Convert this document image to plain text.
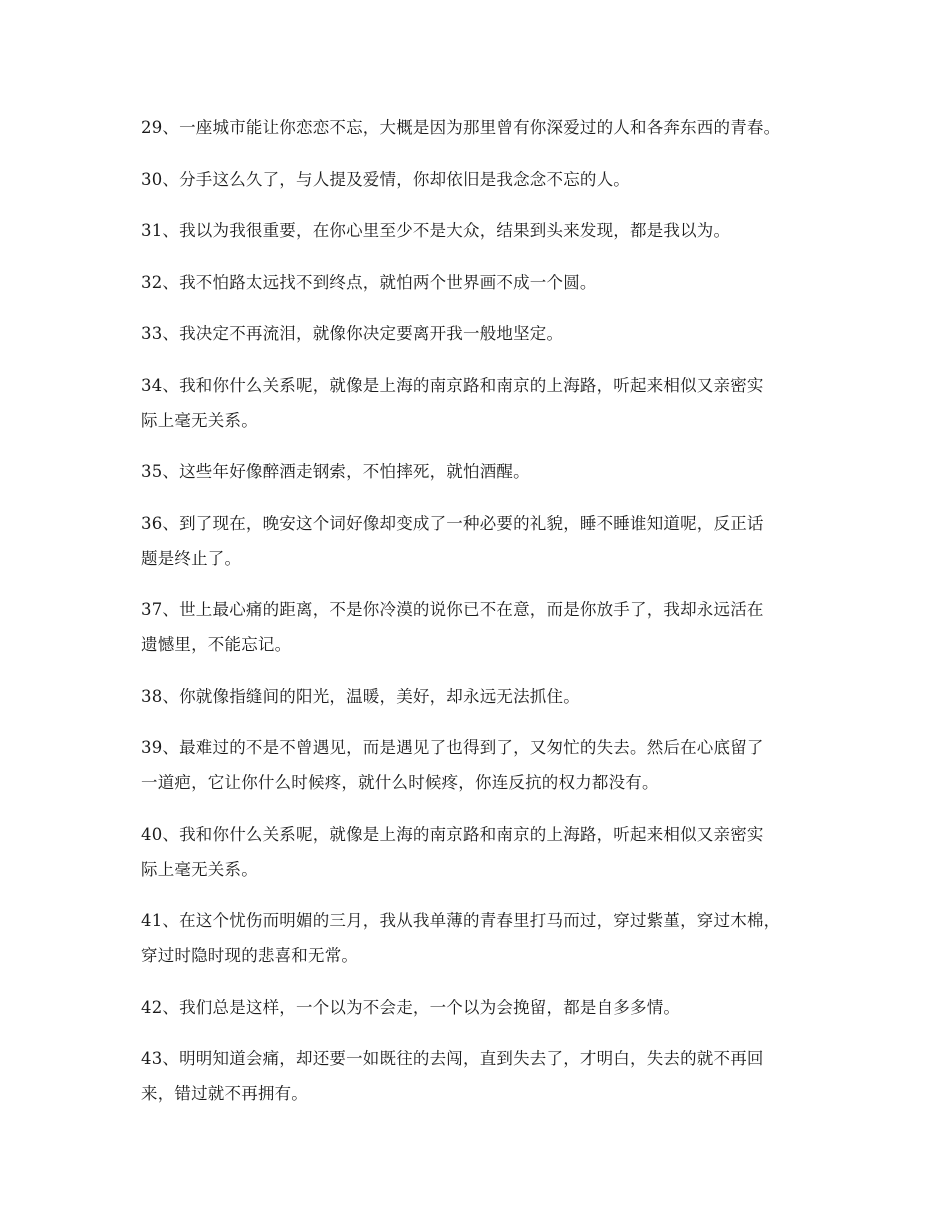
29、一座城市能让你恋恋不忘，大概是因为那里曾有你深爱过的人和各奔东西的青春。

30、分手这么久了，与人提及爱情，你却依旧是我念念不忘的人。

31、我以为我很重要，在你心里至少不是大众，结果到头来发现，都是我以为。

32、我不怕路太远找不到终点，就怕两个世界画不成一个圆。

33、我决定不再流泪，就像你决定要离开我一般地坚定。

34、我和你什么关系呢，就像是上海的南京路和南京的上海路，听起来相似又亲密实
际上毫无关系。

35、这些年好像醉酒走钢索，不怕摔死，就怕酒醒。

36、到了现在，晚安这个词好像却变成了一种必要的礼貌，睡不睡谁知道呢，反正话
题是终止了。

37、世上最心痛的距离，不是你冷漠的说你已不在意，而是你放手了，我却永远活在
遗憾里，不能忘记。

38、你就像指缝间的阳光，温暖，美好，却永远无法抓住。

39、最难过的不是不曾遇见，而是遇见了也得到了，又匆忙的失去。然后在心底留了
一道疤，它让你什么时候疼，就什么时候疼，你连反抗的权力都没有。

40、我和你什么关系呢，就像是上海的南京路和南京的上海路，听起来相似又亲密实
际上毫无关系。

41、在这个忧伤而明媚的三月，我从我单薄的青春里打马而过，穿过紫堇，穿过木棉，
穿过时隐时现的悲喜和无常。

42、我们总是这样，一个以为不会走，一个以为会挽留，都是自多多情。

43、明明知道会痛，却还要一如既往的去闯，直到失去了，才明白，失去的就不再回
来，错过就不再拥有。
